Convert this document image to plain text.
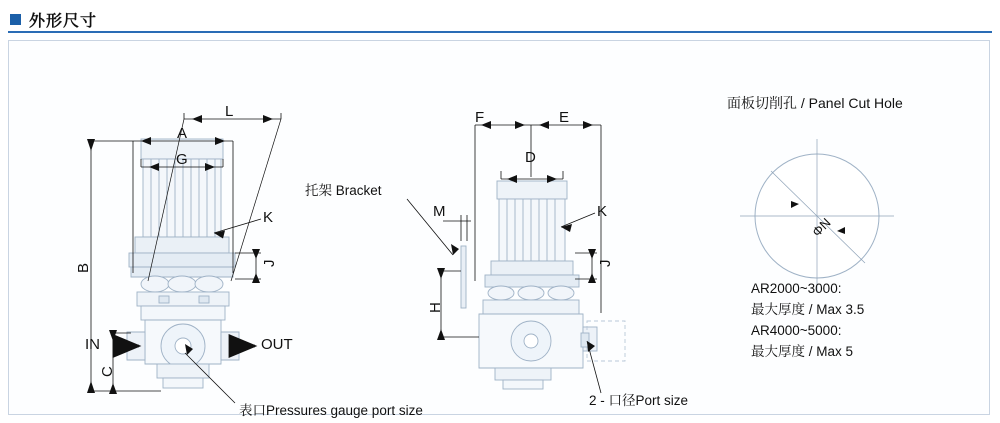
外形尺寸
L
A
G
K
J
B
C
IN	OUT
表口Pressures gauge port size
F	E
D
M	K
J
H
托架 Bracket
2 - 口径Port size
面板切削孔 / Panel Cut Hole
ΦN
AR2000~3000:
最大厚度 / Max 3.5
AR4000~5000:
最大厚度 / Max 5
